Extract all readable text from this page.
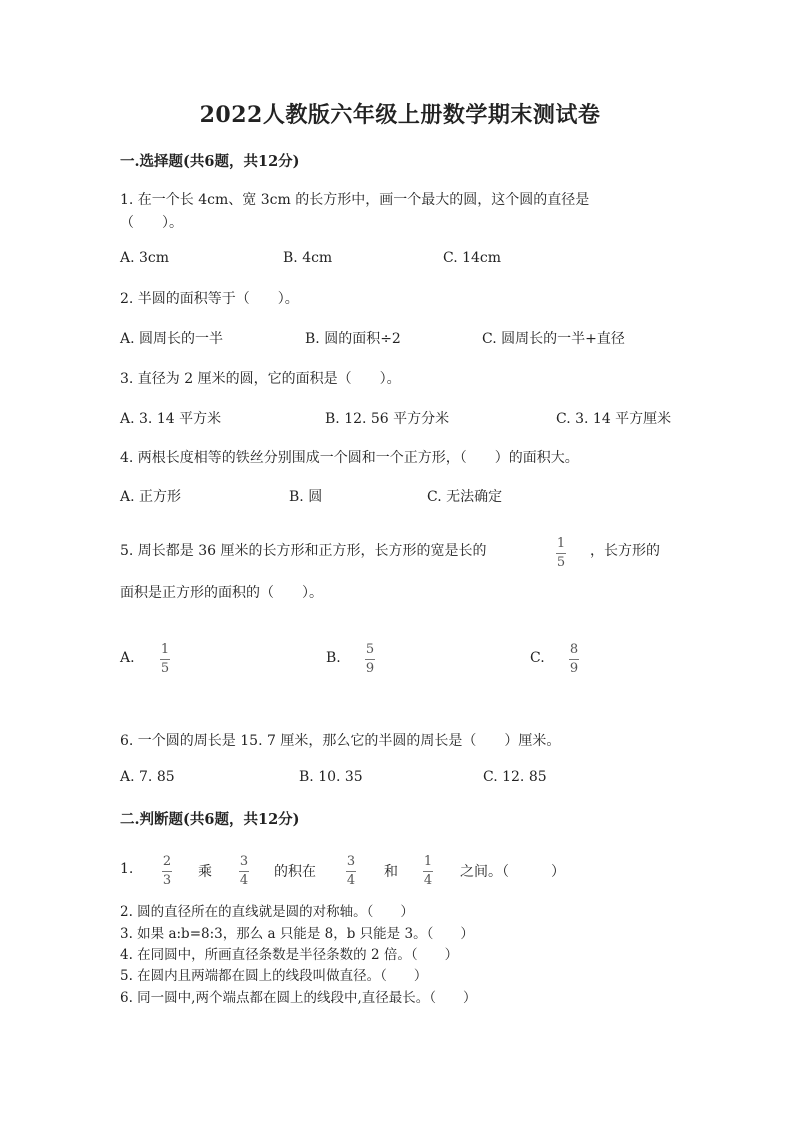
2022人教版六年级上册数学期末测试卷
一.选择题(共6题，共12分)
1. 在一个长 4cm、宽 3cm 的长方形中，画一个最大的圆，这个圆的直径是
（　　）。
A. 3cm	B. 4cm	C. 14cm
2. 半圆的面积等于（　　）。
A. 圆周长的一半	B. 圆的面积÷2	C. 圆周长的一半+直径
3. 直径为 2 厘米的圆，它的面积是（　　）。
A. 3. 14 平方米	B. 12. 56 平方分米	C. 3. 14 平方厘米
4. 两根长度相等的铁丝分别围成一个圆和一个正方形，（　　）的面积大。
A. 正方形	B. 圆	C. 无法确定
5. 周长都是 36 厘米的长方形和正方形，长方形的宽是长的	1
5
，长方形的
面积是正方形的面积的（　　）。
A.
1
5
B.
5
9
C.
8
9
6. 一个圆的周长是 15. 7 厘米，那么它的半圆的周长是（　　）厘米。
A. 7. 85	B. 10. 35	C. 12. 85
二.判断题(共6题，共12分)
1. 2
3
乘
3
4
的积在
3
4
和
1
4
之间。（　　　）
2. 圆的直径所在的直线就是圆的对称轴。（　　）
3. 如果 a:b=8:3，那么 a 只能是 8，b 只能是 3。（　　）
4. 在同圆中，所画直径条数是半径条数的 2 倍。（　　）
5. 在圆内且两端都在圆上的线段叫做直径。（　　）
6. 同一圆中,两个端点都在圆上的线段中,直径最长。（　　）
